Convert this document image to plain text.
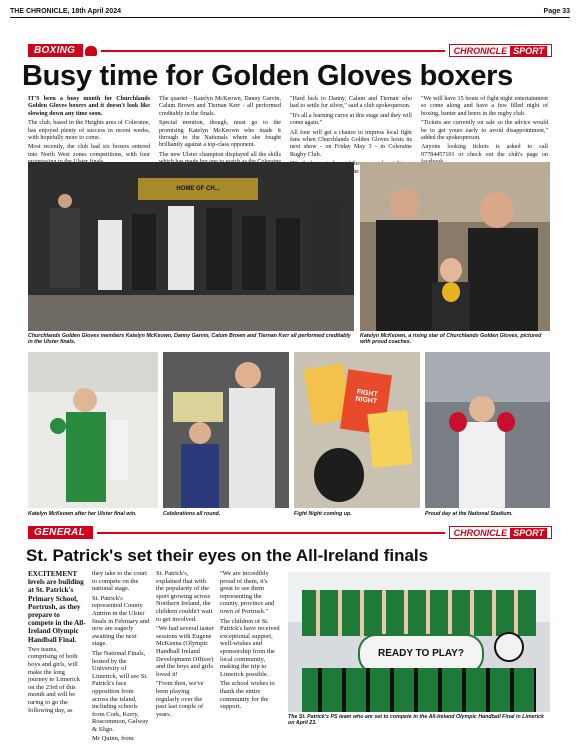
THE CHRONICLE, 18th April 2024	Page 33
BOXING	CHRONICLE SPORT
Busy time for Golden Gloves boxers

IT'S been a busy month for Churchlands Golden Gloves boxers and it doesn't look like slowing down any time soon.

The club, based in the Heights area of Coleraine, has enjoyed plenty of success in recent weeks, with hopefully more to come.

Most recently, the club had six boxers entered into North West zones competitions, with four

The quartet - Katelyn McKeown, Danny Garvin, Calum Brown and Tiernan Kerr - all performed creditably in the finals.

Special mention, though, must go to the promising Katelyn McKeown who made it through to the Nationals where she fought brilliantly against a top-class opponent.

The new Ulster champion displayed all the skills

"Hard luck to Danny, Calum and Tiernan who had to settle for silver," said a club spokesperson.

"It's all a learning curve at this stage and they will come again."

All four will get a chance to impress local fight fans when Churchlands Golden Gloves hosts its next show - on Friday May 3 - in Coleraine Rugby Club.

the the

"We will have 15 bouts of fight night entertainment so come along and have a few filled night of boxing, banter and beers in the rugby club.

"Tickets are currently on sale so the advice would be to get yours early to avoid disappointment," added the spokesperson.

Anyone looking tickets is asked to call 07784457101 or check out the club's page on

HOME OF CH...
Churchlands Golden Gloves members Katelyn McKeown, Danny Garvin, Calum Brown and Tiernan Kerr all performed creditably in the Ulster finals.
Katelyn McKeown, a rising star of Churchlands Golden Gloves, pictured with proud coaches.
Katelyn McKeown after her Ulster final win.	Celebrations all round.
FIGHT NIGHT
Fight Night coming up.	Proud day at the National Stadium.
GENERAL	CHRONICLE SPORT
St. Patrick's set their eyes on the All-Ireland finals

EXCITEMENT levels are building at St. Patrick's Primary School, Portrush, as they prepare to compete in the All-Ireland Olympic Handball Final.

Two teams, comprising of both boys and girls, will make the long journey to Limerick on the 23rd of this month and will be raring to go the following day, as

they take to the court to compete on the national stage.

St. Patrick's represented County Antrim in the Ulster finals in February and now are eagerly awaiting the next stage.

The National Finals, hosted by the University of Limerick, will see St. Patrick's face opposition from across the island, including schools from Cork, Kerry, Roscommon, Galway & Sligo.

Mr Quinn, from

St. Patrick's, explained that with the popularity of the sport growing across Northern Ireland, the children couldn't wait to get involved.

"We had several taster sessions with Eugene McKenna (Olympic Handball Ireland Development Officer) and the boys and girls loved it!

"From then, we've been playing regularly over the past last couple of years.

"We are incredibly proud of them, it's great to see them representing the county, province and town of Portrush."

The children of St. Patrick's have received exceptional support, well-wishes and sponsorship from the local community, making the trip to Limerick possible.

The school wishes to thank the entire community for the support.

READY TO PLAY?
The St. Patrick's PS team who are set to compete in the All-Ireland Olympic Handball Final in Limerick on April 23.
